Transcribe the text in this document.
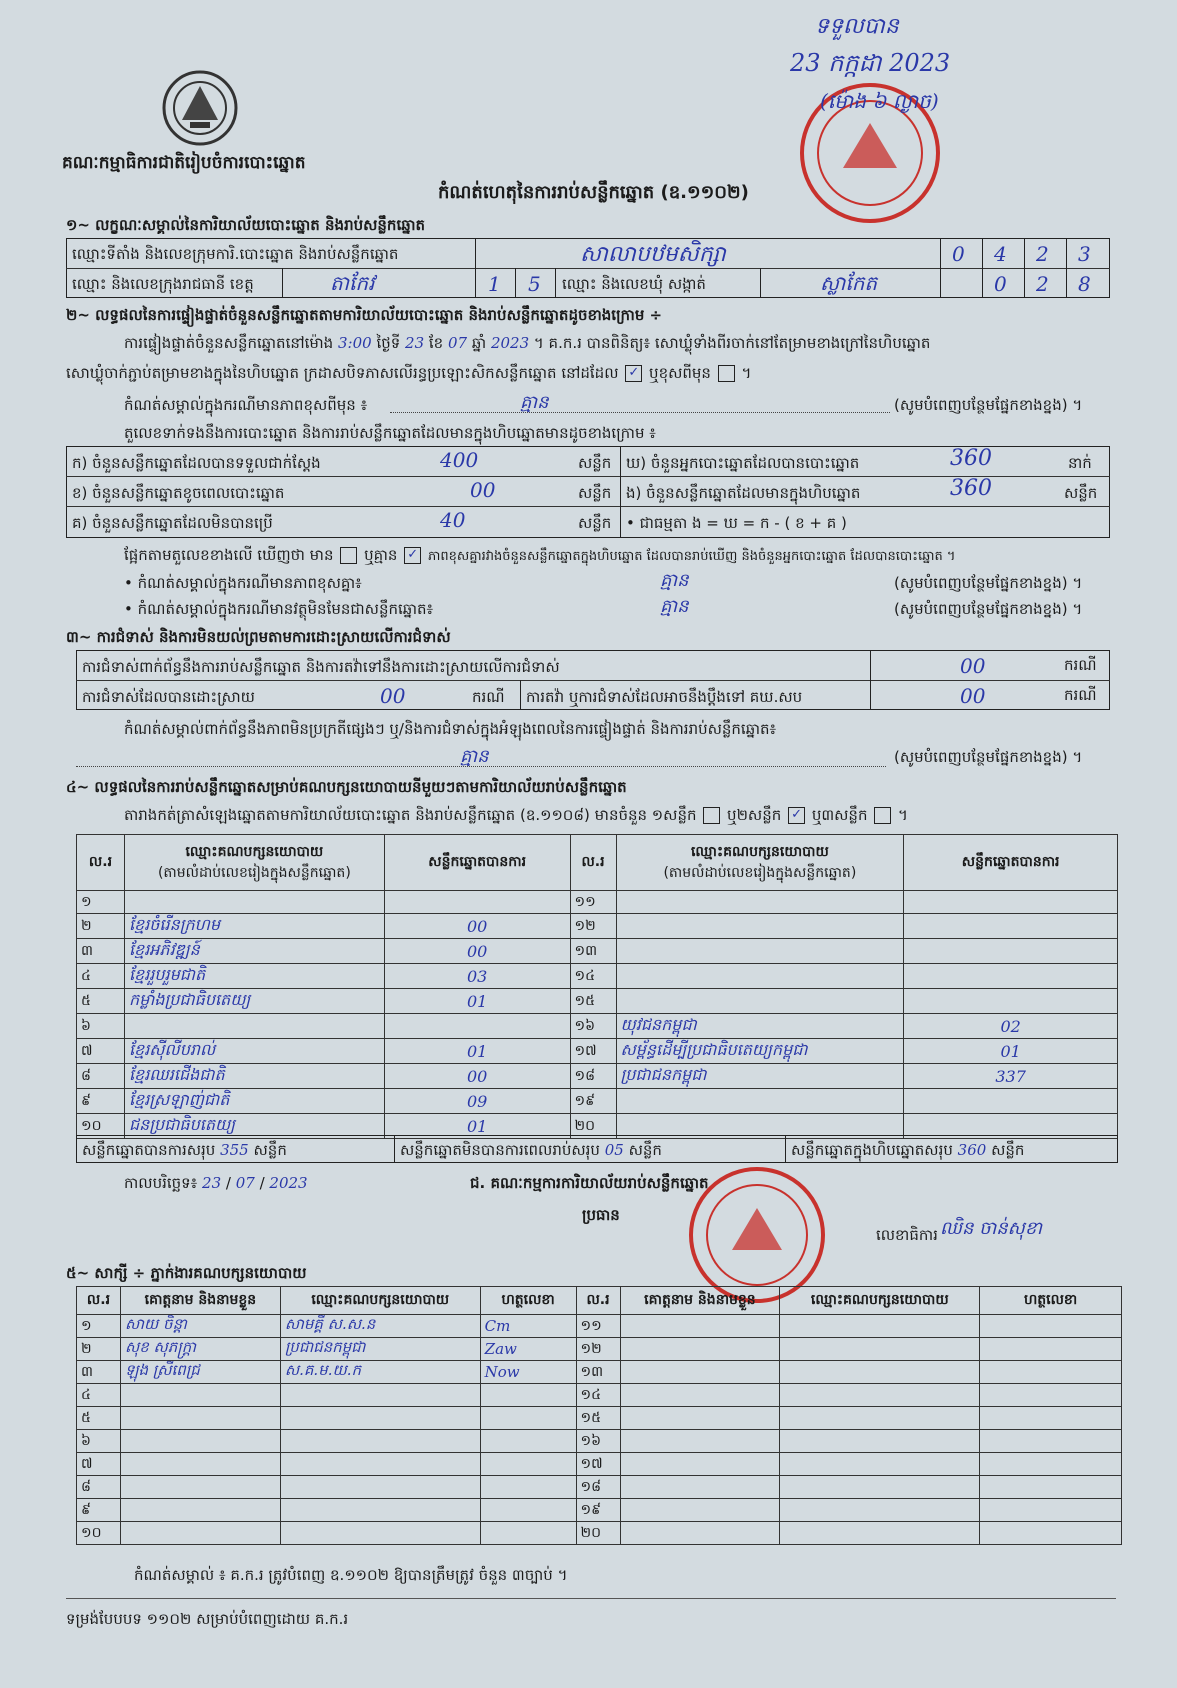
គណៈកម្មាធិការជាតិរៀបចំការបោះឆ្នោត
ទទួលបាន
23 កក្កដា 2023
(ម៉ោង ៦ ល្ងាច)
កំណត់ហេតុនៃការរាប់សន្លឹកឆ្នោត (ឧ.១១០២)
១~ លក្ខណៈសម្គាល់នៃការិយាល័យបោះឆ្នោត និងរាប់សន្លឹកឆ្នោត
ឈ្មោះទីតាំង និងលេខក្រុមការិ.បោះឆ្នោត និងរាប់សន្លឹកឆ្នោត	សាលាបឋមសិក្សា	0 4 2 3
ឈ្មោះ និងលេខក្រុងរាជធានី ខេត្ត	តាកែវ	1 5 ឈ្មោះ និងលេខឃុំ សង្កាត់	ស្លាកែត	0 2 8
២~ លទ្ធផលនៃការផ្ទៀងផ្ទាត់ចំនួនសន្លឹកឆ្នោតតាមការិយាល័យបោះឆ្នោត និងរាប់សន្លឹកឆ្នោតដូចខាងក្រោម ÷
ការផ្ទៀងផ្ទាត់ចំនួនសន្លឹកឆ្នោតនៅម៉ោង 3:00 ថ្ងៃទី 23 ខែ 07 ឆ្នាំ 2023 ។ គ.ក.រ បានពិនិត្យ៖ សោឃ្លុំទាំងពីរចាក់នៅតែម្រាមខាងក្រៅនៃហិបឆ្នោត
សោឃ្លុំចាក់ភ្ជាប់តម្រាមខាងក្នុងនៃហិបឆ្នោត ក្រដាសបិទភាសលើរន្ធប្រឡោះសិកសន្លឹកឆ្នោត នៅដដែល ✓ ឬខុសពីមុន  ។
កំណត់សម្គាល់ក្នុងករណីមានភាពខុសពីមុន ៖	គ្មាន	(សូមបំពេញបន្ថែមផ្នែកខាងខ្នង) ។
តួលេខទាក់ទងនឹងការបោះឆ្នោត និងការរាប់សន្លឹកឆ្នោតដែលមានក្នុងហិបឆ្នោតមានដូចខាងក្រោម ៖
ក) ចំនួនសន្លឹកឆ្នោតដែលបានទទួលជាក់ស្តែង	400	សន្លឹក
ខ) ចំនួនសន្លឹកឆ្នោតខូចពេលបោះឆ្នោត	00	សន្លឹក
គ) ចំនួនសន្លឹកឆ្នោតដែលមិនបានប្រើ	40	សន្លឹក
ឃ) ចំនួនអ្នកបោះឆ្នោតដែលបានបោះឆ្នោត	360	នាក់
ង) ចំនួនសន្លឹកឆ្នោតដែលមានក្នុងហិបឆ្នោត	360	សន្លឹក
• ជាធម្មតា ង = ឃ = ក - ( ខ + គ )
ផ្អែកតាមតួលេខខាងលើ ឃើញថា មាន ឬគ្មាន ✓ ភាពខុសគ្នារវាងចំនួនសន្លឹកឆ្នោតក្នុងហិបឆ្នោត ដែលបានរាប់ឃើញ និងចំនួនអ្នកបោះឆ្នោត ដែលបានបោះឆ្នោត ។
• កំណត់សម្គាល់ក្នុងករណីមានភាពខុសគ្នា៖	គ្មាន	(សូមបំពេញបន្ថែមផ្នែកខាងខ្នង) ។
• កំណត់សម្គាល់ក្នុងករណីមានវត្ថុមិនមែនជាសន្លឹកឆ្នោត៖	គ្មាន	(សូមបំពេញបន្ថែមផ្នែកខាងខ្នង) ។
៣~ ការជំទាស់ និងការមិនយល់ព្រមតាមការដោះស្រាយលើការជំទាស់
ការជំទាស់ពាក់ព័ន្ធនឹងការរាប់សន្លឹកឆ្នោត និងការតវ៉ាទៅនឹងការដោះស្រាយលើការជំទាស់	00	ករណី
ការជំទាស់ដែលបានដោះស្រាយ	00	ករណី ការតវ៉ា ឬការជំទាស់ដែលអាចនឹងប្តឹងទៅ គឃ.សប	00	ករណី
កំណត់សម្គាល់ពាក់ព័ន្ធនឹងភាពមិនប្រក្រតីផ្សេងៗ ឬ/និងការជំទាស់ក្នុងអំឡុងពេលនៃការផ្ទៀងផ្ទាត់ និងការរាប់សន្លឹកឆ្នោត៖
គ្មាន	(សូមបំពេញបន្ថែមផ្នែកខាងខ្នង) ។
៤~ លទ្ធផលនៃការរាប់សន្លឹកឆ្នោតសម្រាប់គណបក្សនយោបាយនីមួយៗតាមការិយាល័យរាប់សន្លឹកឆ្នោត
តារាងកត់ត្រាសំឡេងឆ្នោតតាមការិយាល័យបោះឆ្នោត និងរាប់សន្លឹកឆ្នោត (ឧ.១១០៨) មានចំនួន ១សន្លឹក ឬ២សន្លឹក ✓ ឬ៣សន្លឹក  ។
ល.រ	ឈ្មោះគណបក្សនយោបាយ
(តាមលំដាប់លេខរៀងក្នុងសន្លឹកឆ្នោត)	សន្លឹកឆ្នោតបានការ	ល.រ	ឈ្មោះគណបក្សនយោបាយ
(តាមលំដាប់លេខរៀងក្នុងសន្លឹកឆ្នោត)	សន្លឹកឆ្នោតបានការ
១			១១		
២	ខ្មែរចំរើនក្រហម	00	១២		
៣	ខ្មែរអភិវឌ្ឍន៍	00	១៣		
៤	ខ្មែររួបរួមជាតិ	03	១៤		
៥	កម្លាំងប្រជាធិបតេយ្យ	01	១៥		
៦			១៦	យុវជនកម្ពុជា	02
៧	ខ្មែរស៊ីលីបរាល់	01	១៧	សម្ព័ន្ធដើម្បីប្រជាធិបតេយ្យកម្ពុជា	01
៨	ខ្មែរឈរជើងជាតិ	00	១៨	ប្រជាជនកម្ពុជា	337
៩	ខ្មែរស្រឡាញ់ជាតិ	09	១៩		
១០	ជនប្រជាធិបតេយ្យ	01	២០		
សន្លឹកឆ្នោតបានការសរុប 355 សន្លឹក	សន្លឹកឆ្នោតមិនបានការពេលរាប់សរុប 05 សន្លឹក	សន្លឹកឆ្នោតក្នុងហិបឆ្នោតសរុប 360 សន្លឹក
កាលបរិច្ឆេទ៖ 23 / 07 / 2023	ជ. គណៈកម្មការការិយាល័យរាប់សន្លឹកឆ្នោត
ប្រធាន
លេខាធិការ ឈិន ចាន់សុខា
៥~ សាក្សី ÷ ភ្នាក់ងារគណបក្សនយោបាយ
ល.រ	គោត្តនាម និងនាមខ្លួន	ឈ្មោះគណបក្សនយោបាយ	ហត្ថលេខា	ល.រ	គោត្តនាម និងនាមខ្លួន	ឈ្មោះគណបក្សនយោបាយ	ហត្ថលេខា
១	សាយ ចិន្តា	សាមគ្គី ស.ស.ន	Cm	១១			
២	សុខ សុភក្ត្រា	ប្រជាជនកម្ពុជា	Zaw	១២			
៣	ឡុង ស្រីពេជ្រ	ស.គ.ម.យ.ក	Now	១៣			
៤				១៤			
៥				១៥			
៦				១៦			
៧				១៧			
៨				១៨			
៩				១៩			
១០				២០			
កំណត់សម្គាល់ ៖ គ.ក.រ ត្រូវបំពេញ ឧ.១១០២ ឱ្យបានត្រឹមត្រូវ ចំនួន ៣ច្បាប់ ។
ទម្រង់បែបបទ ១១០២ សម្រាប់បំពេញដោយ គ.ក.រ
